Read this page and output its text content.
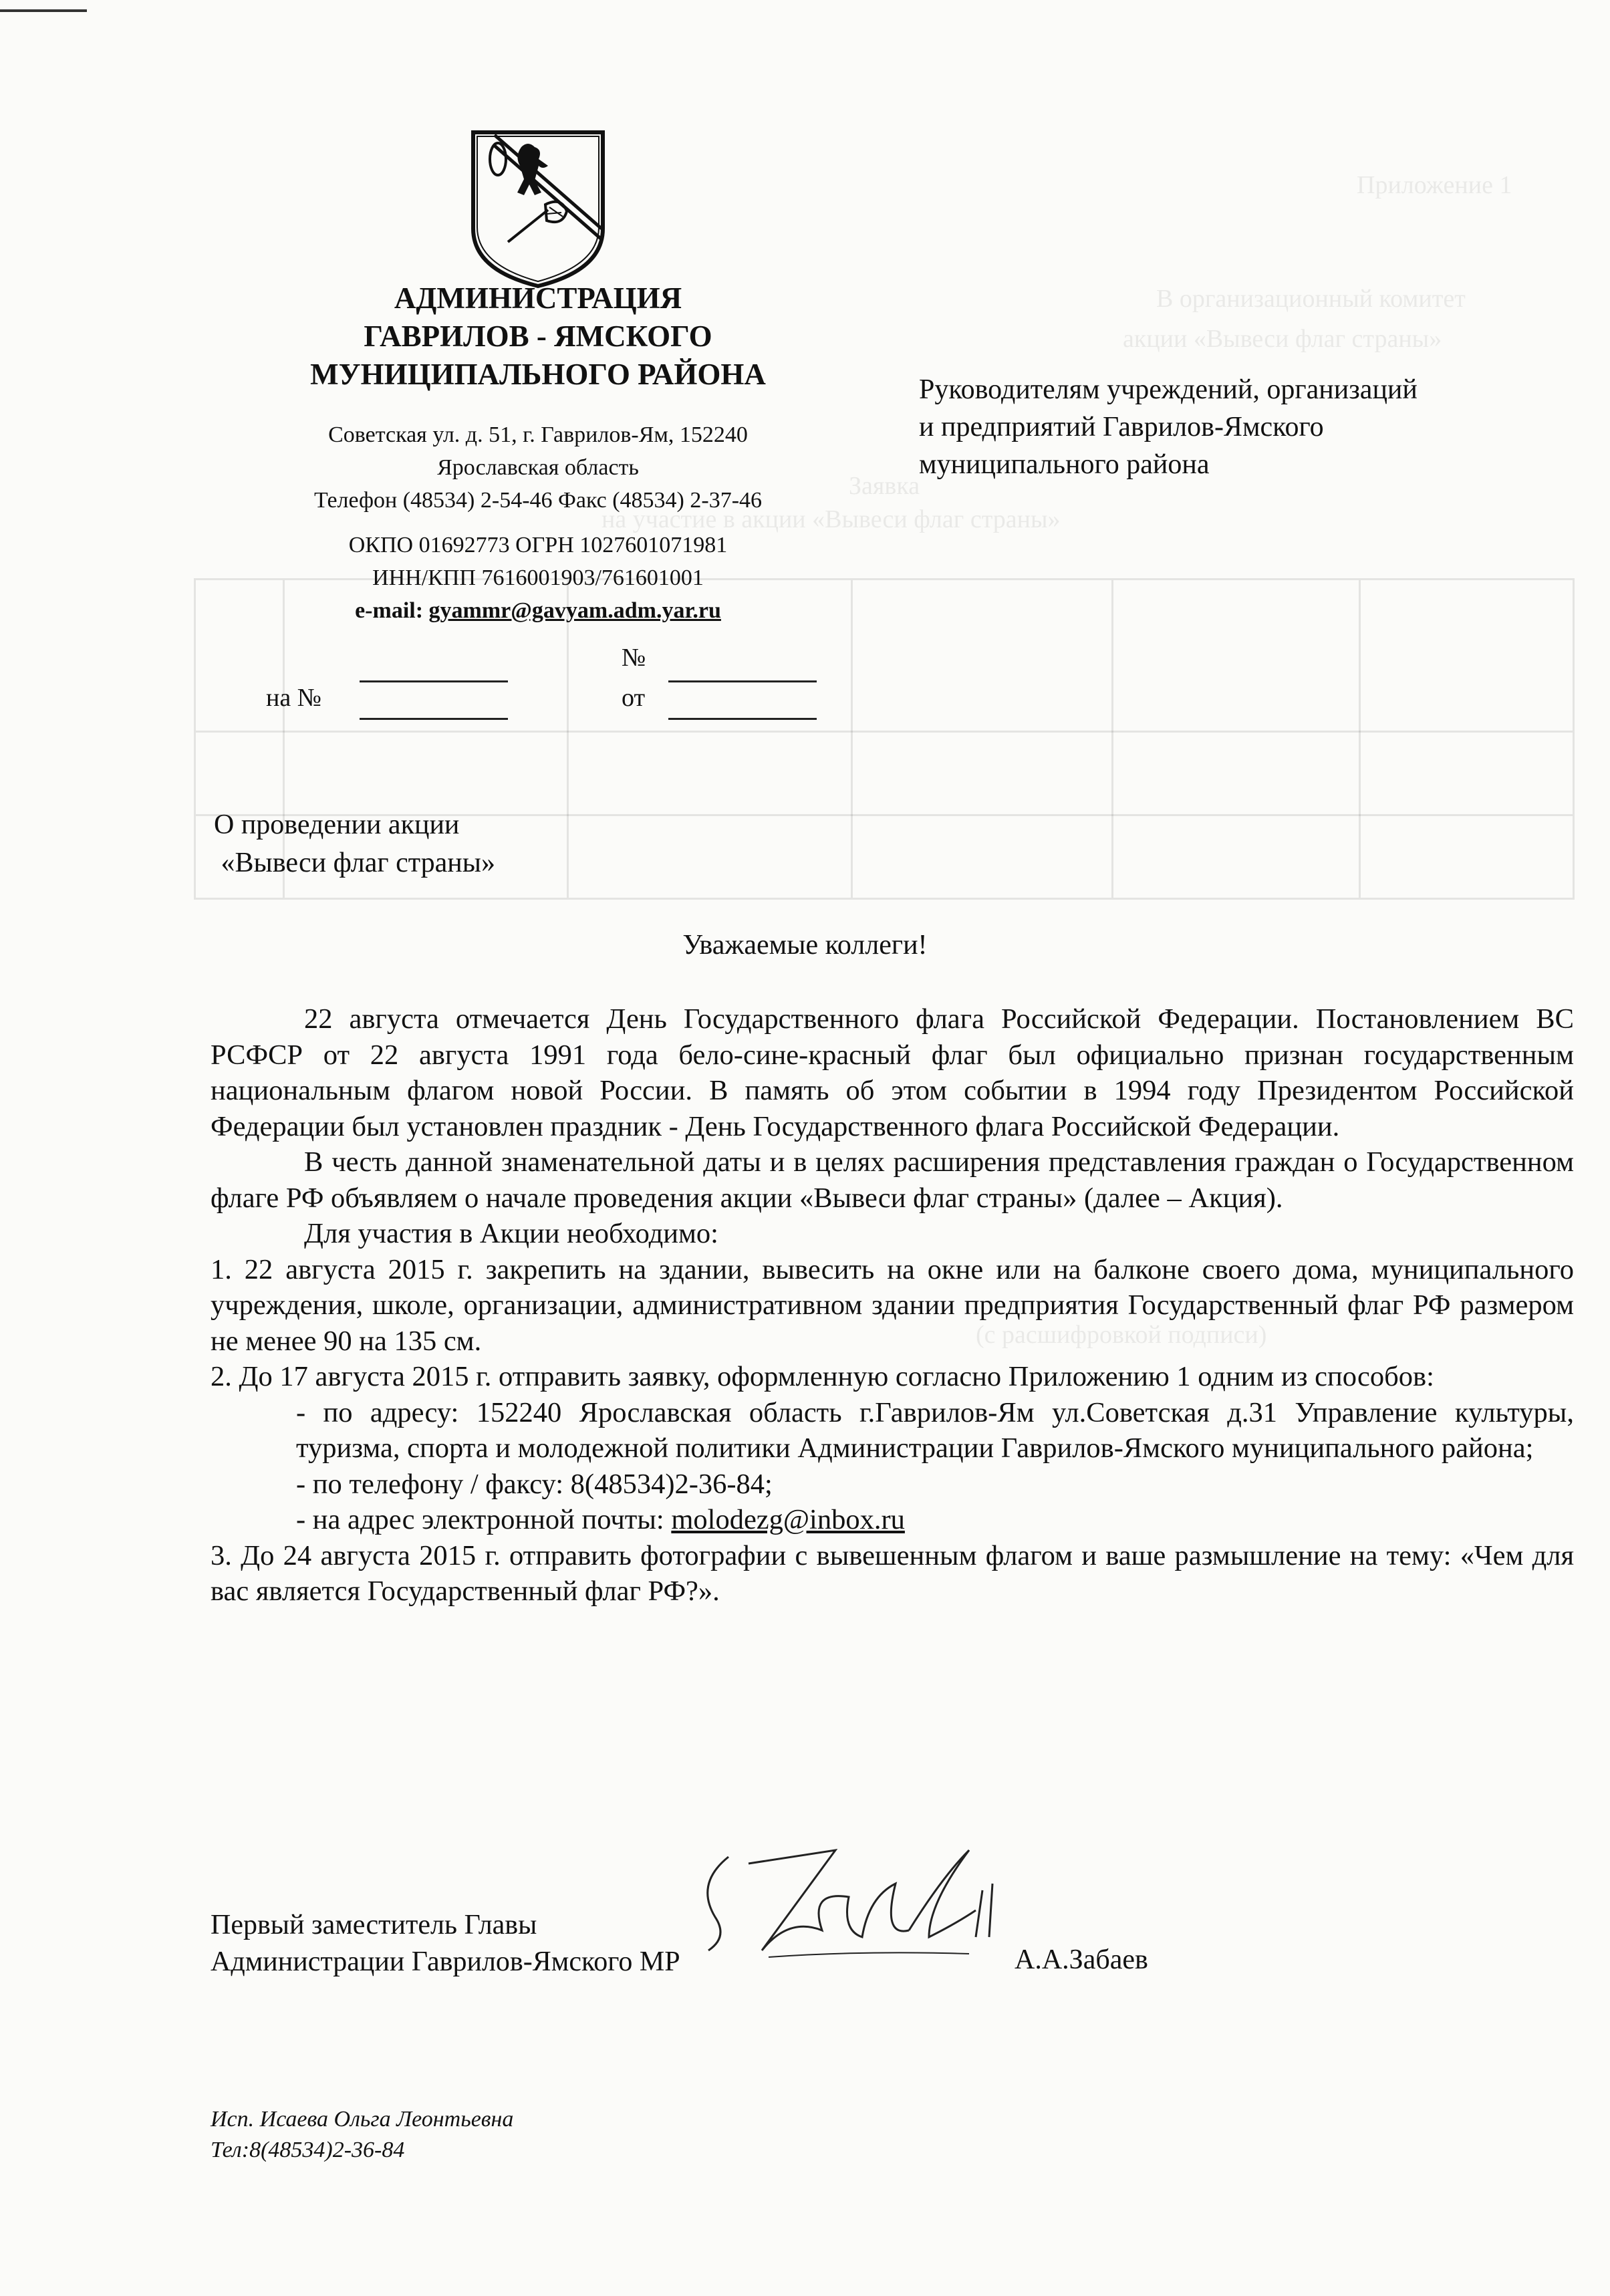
Приложение 1
В организационный комитет
акции «Вывеси флаг страны»
Заявка
на участие в акции «Вывеси флаг страны»
(с расшифровкой подписи)
АДМИНИСТРАЦИЯ
ГАВРИЛОВ - ЯМСКОГО
МУНИЦИПАЛЬНОГО РАЙОНА
Советская ул. д. 51, г. Гаврилов-Ям, 152240
Ярославская область
Телефон (48534) 2-54-46 Факс (48534) 2-37-46
ОКПО 01692773 ОГРН 1027601071981
ИНН/КПП 7616001903/761601001
e-mail: gyammr@gavyam.adm.yar.ru
№
на №	от
Руководителям учреждений, организаций
и предприятий Гаврилов-Ямского
муниципального района
О проведении акции
«Вывеси флаг страны»
Уважаемые коллеги!

22 августа отмечается День Государственного флага Российской Федерации. Постановлением ВС РСФСР от 22 августа 1991 года бело-сине-красный флаг был официально признан государственным национальным флагом новой России. В память об этом событии в 1994 году Президентом Российской Федерации был установлен праздник - День Государственного флага Российской Федерации.

В честь данной знаменательной даты и в целях расширения представления граждан о Государственном флаге РФ объявляем о начале проведения акции «Вывеси флаг страны» (далее – Акция).

Для участия в Акции необходимо:

1. 22 августа 2015 г. закрепить на здании, вывесить на окне или на балконе своего дома, муниципального учреждения, школе, организации, административном здании предприятия Государственный флаг РФ размером не менее 90 на 135 см.

2. До 17 августа 2015 г. отправить заявку, оформленную согласно Приложению 1 одним из способов:

- по адресу: 152240 Ярославская область г.Гаврилов-Ям ул.Советская д.31 Управление культуры, туризма, спорта и молодежной политики Администрации Гаврилов-Ямского муниципального района;

- по телефону / факсу: 8(48534)2-36-84;

- на адрес электронной почты: molodezg@inbox.ru

3. До 24 августа 2015 г. отправить фотографии с вывешенным флагом и ваше размышление на тему: «Чем для вас является Государственный флаг РФ?».

Первый заместитель Главы
Администрации Гаврилов-Ямского МР	А.А.Забаев
Исп. Исаева Ольга Леонтьевна
Тел:8(48534)2-36-84
